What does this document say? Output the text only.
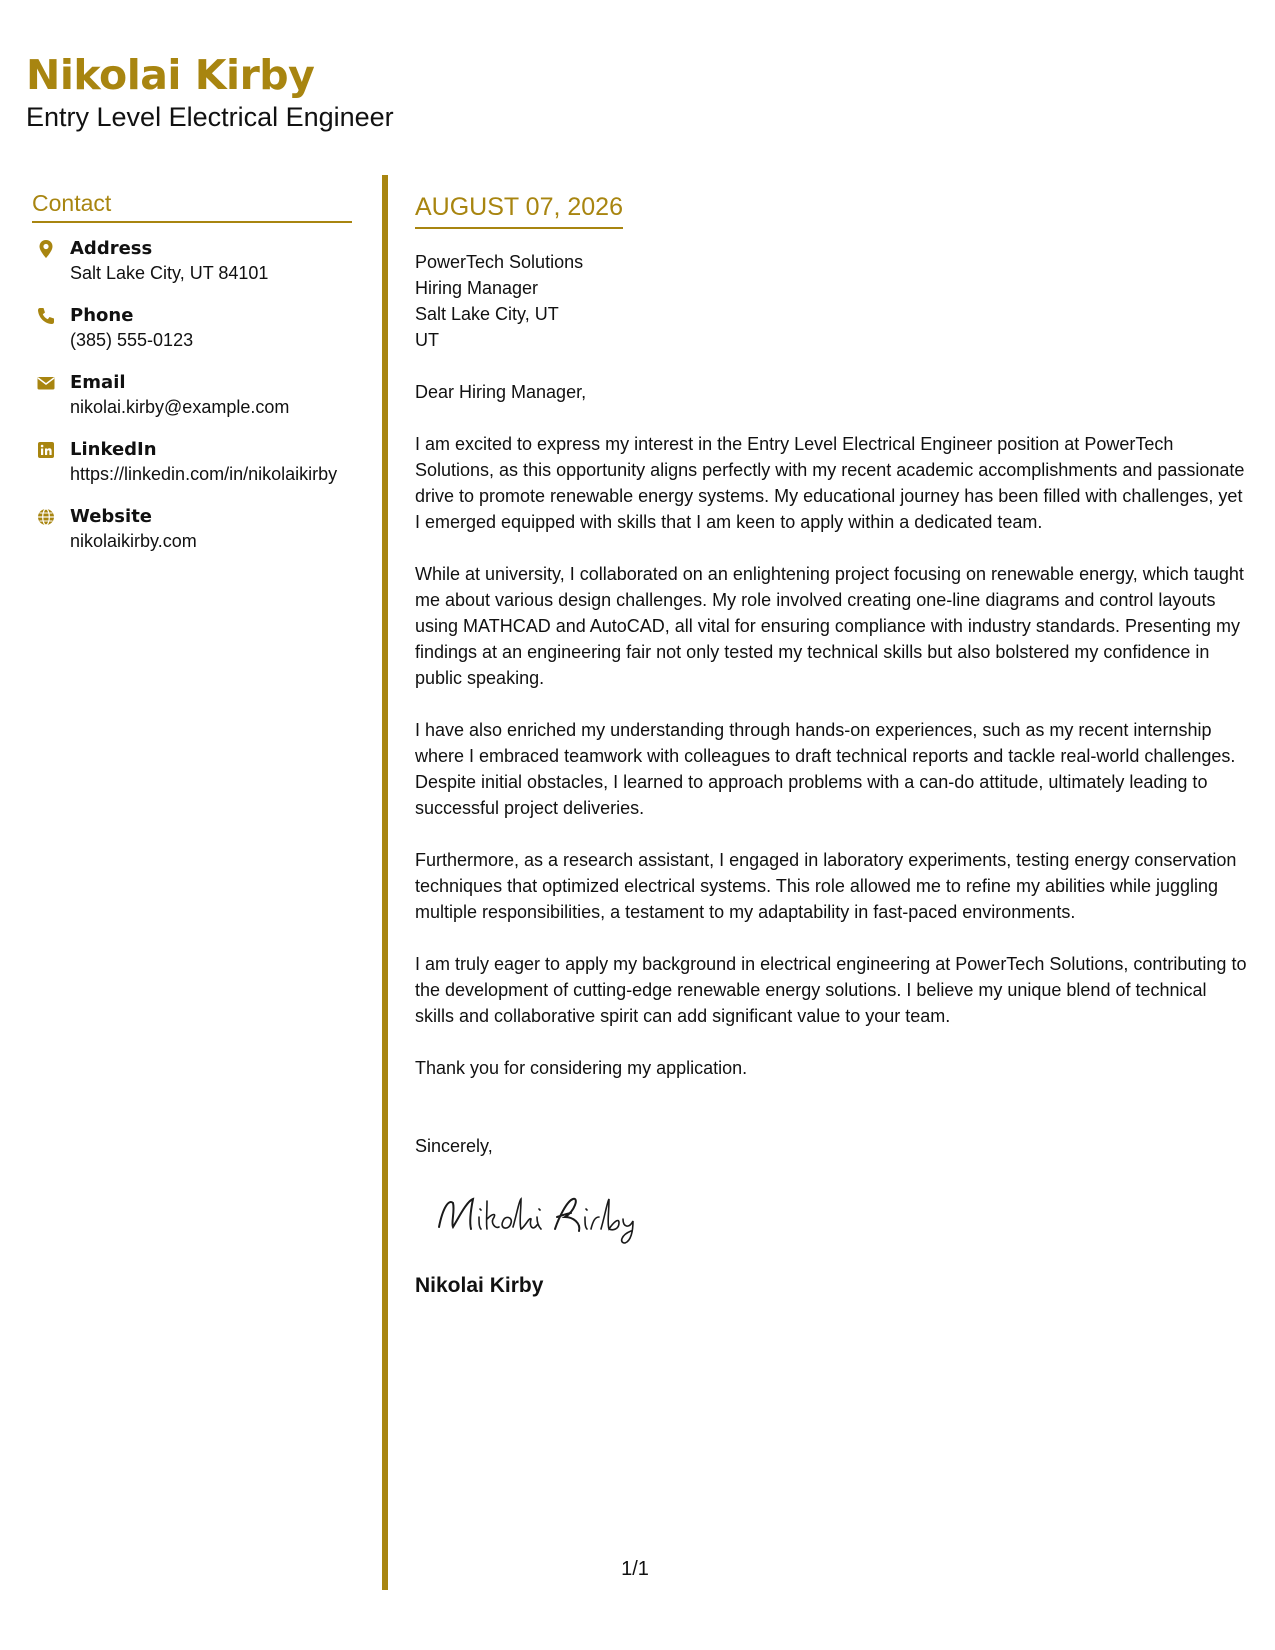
Nikolai Kirby
Entry Level Electrical Engineer
Contact
Address
Salt Lake City, UT 84101
Phone
(385) 555-0123
Email
nikolai.kirby@example.com
LinkedIn
https://linkedin.com/in/nikolaikirby
Website
nikolaikirby.com
AUGUST 07, 2026
PowerTech Solutions
Hiring Manager
Salt Lake City, UT
UT
Dear Hiring Manager,

I am excited to express my interest in the Entry Level Electrical Engineer position at PowerTech Solutions, as this opportunity aligns perfectly with my recent academic accomplishments and passionate drive to promote renewable energy systems. My educational journey has been filled with challenges, yet I emerged equipped with skills that I am keen to apply within a dedicated team.

While at university, I collaborated on an enlightening project focusing on renewable energy, which taught me about various design challenges. My role involved creating one-line diagrams and control layouts using MATHCAD and AutoCAD, all vital for ensuring compliance with industry standards. Presenting my findings at an engineering fair not only tested my technical skills but also bolstered my confidence in public speaking.

I have also enriched my understanding through hands-on experiences, such as my recent internship where I embraced teamwork with colleagues to draft technical reports and tackle real-world challenges. Despite initial obstacles, I learned to approach problems with a can-do attitude, ultimately leading to successful project deliveries.

Furthermore, as a research assistant, I engaged in laboratory experiments, testing energy conservation techniques that optimized electrical systems. This role allowed me to refine my abilities while juggling multiple responsibilities, a testament to my adaptability in fast-paced environments.

I am truly eager to apply my background in electrical engineering at PowerTech Solutions, contributing to the development of cutting-edge renewable energy solutions. I believe my unique blend of technical skills and collaborative spirit can add significant value to your team.

Thank you for considering my application.

Sincerely,
Nikolai Kirby
1/1
